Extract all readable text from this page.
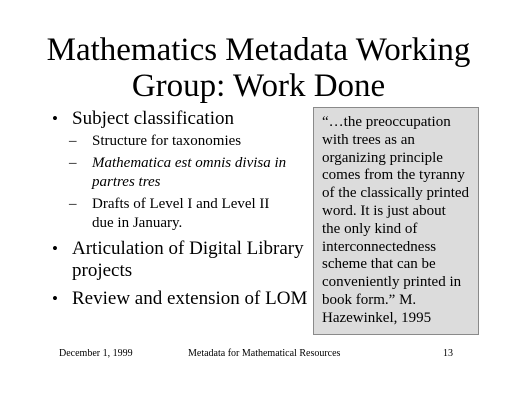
Mathematics Metadata Working
Group: Work Done
• Subject classification
– Structure for taxonomies
– Mathematica est omnis divisa in
partres tres
– Drafts of Level I and Level II
due in January.
• Articulation of Digital Library
projects
• Review and extension of LOM
“…the preoccupation
with trees as an
organizing principle
comes from the tyranny
of the classically printed
word. It is just about
the only kind of
interconnectedness
scheme that can be
conveniently printed in
book form.” M.
Hazewinkel, 1995
December 1, 1999	Metadata for Mathematical Resources	13
